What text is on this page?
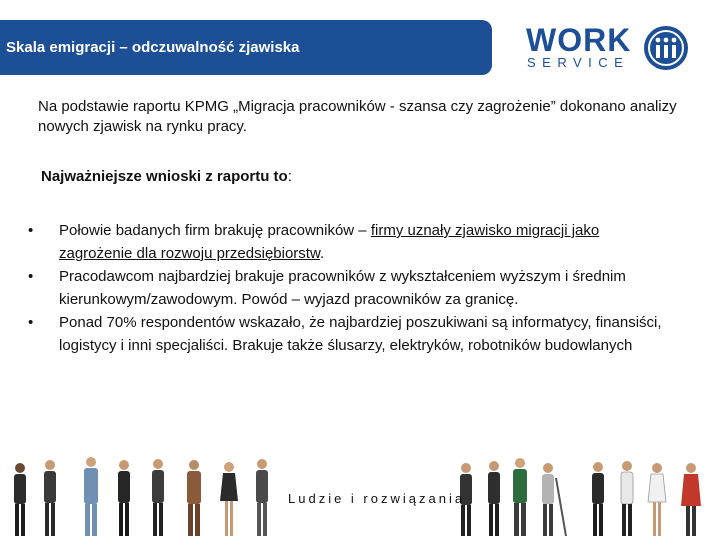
Skala emigracji – odczuwalność zjawiska	WORK
SERVICE
Na podstawie raportu KPMG „Migracja pracowników - szansa czy zagrożenie” dokonano analizy nowych zjawisk na rynku pracy.
Najważniejsze wnioski z raportu to:
• Połowie badanych firm brakuję pracowników – firmy uznały zjawisko migracji jako zagrożenie dla rozwoju przedsiębiorstw.
• Pracodawcom najbardziej brakuje pracowników z wykształceniem wyższym i średnim kierunkowym/zawodowym. Powód – wyjazd pracowników za granicę.
• Ponad 70% respondentów wskazało, że najbardziej poszukiwani są informatycy, finansiści, logistycy i inni specjaliści. Brakuje także ślusarzy, elektryków, robotników budowlanych
Ludzie i rozwiązania
